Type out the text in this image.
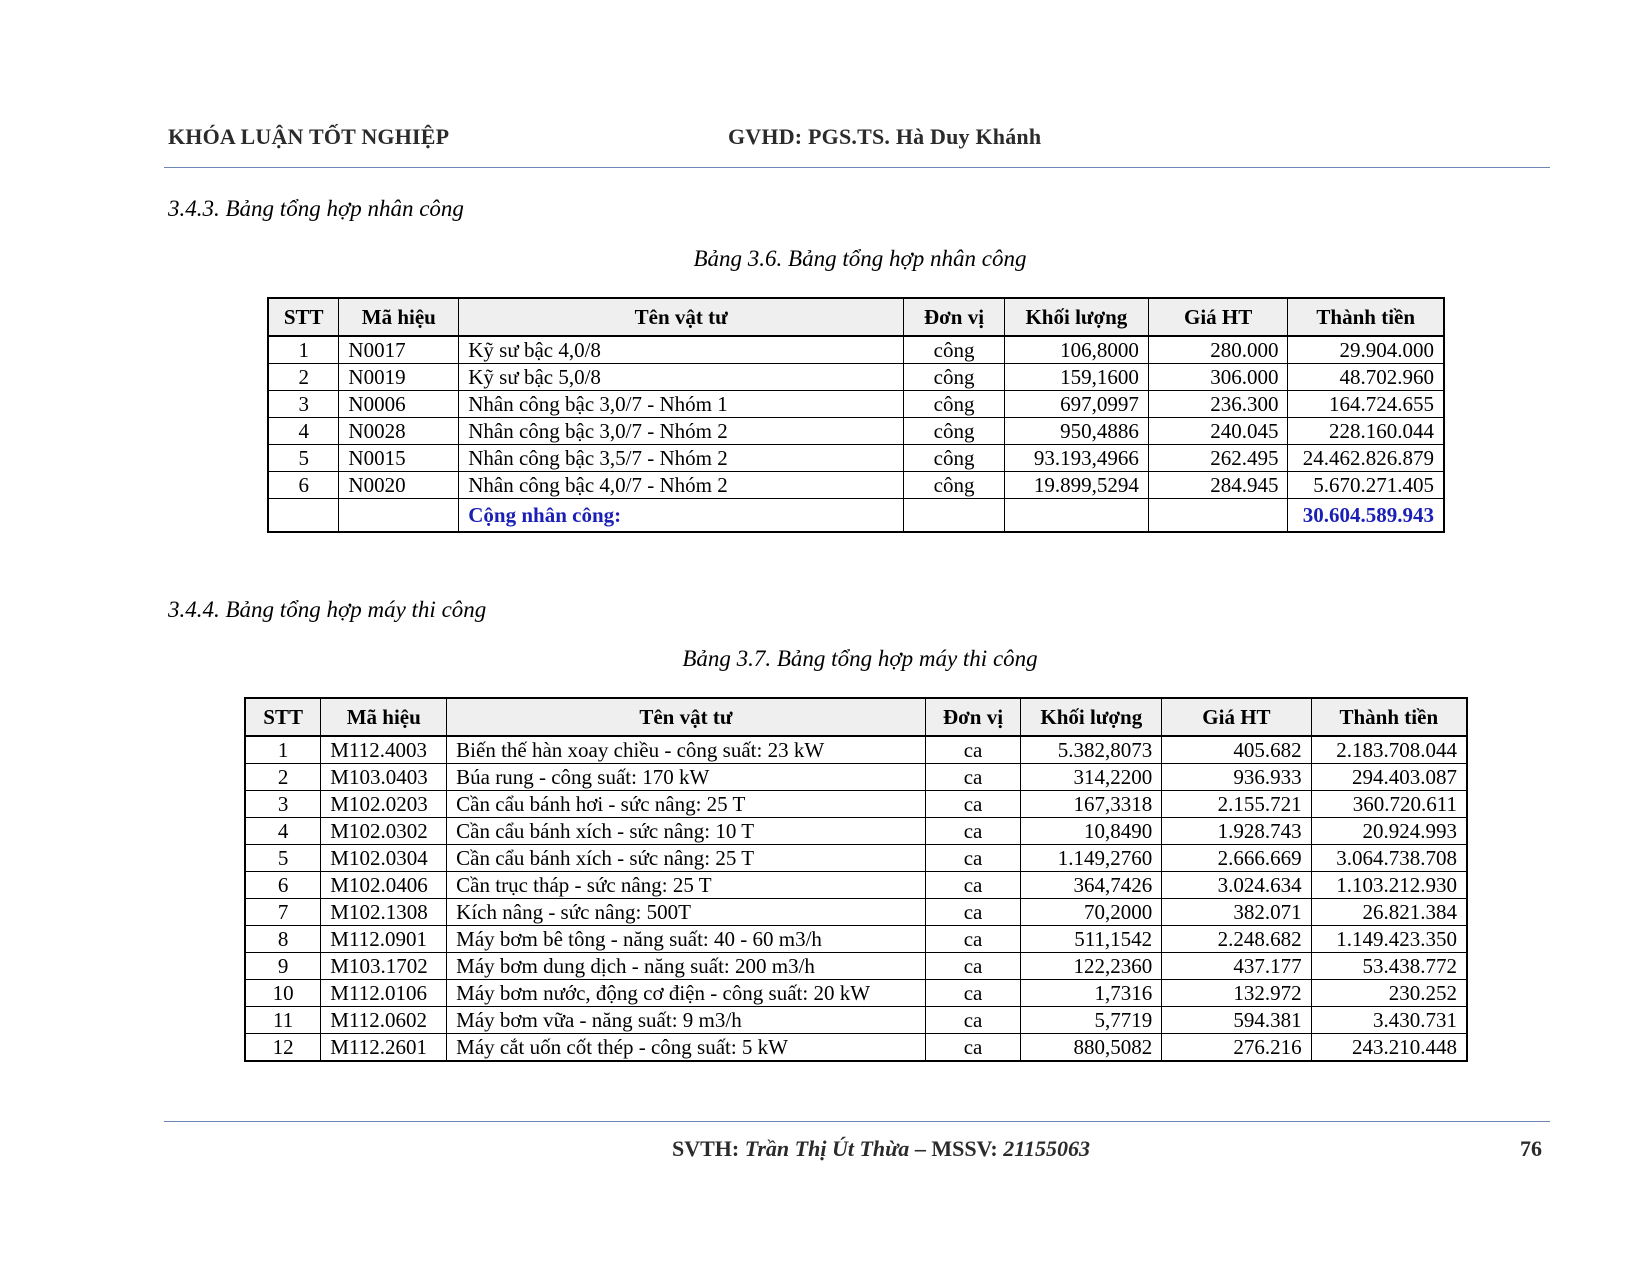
KHÓA LUẬN TỐT NGHIỆP	GVHD: PGS.TS. Hà Duy Khánh
3.4.3. Bảng tổng hợp nhân công
Bảng 3.6. Bảng tổng hợp nhân công
STT	Mã hiệu	Tên vật tư	Đơn vị	Khối lượng	Giá HT	Thành tiền
1	N0017	Kỹ sư bậc 4,0/8	công	106,8000	280.000	29.904.000
2	N0019	Kỹ sư bậc 5,0/8	công	159,1600	306.000	48.702.960
3	N0006	Nhân công bậc 3,0/7 - Nhóm 1	công	697,0997	236.300	164.724.655
4	N0028	Nhân công bậc 3,0/7 - Nhóm 2	công	950,4886	240.045	228.160.044
5	N0015	Nhân công bậc 3,5/7 - Nhóm 2	công	93.193,4966	262.495	24.462.826.879
6	N0020	Nhân công bậc 4,0/7 - Nhóm 2	công	19.899,5294	284.945	5.670.271.405
		Cộng nhân công:				30.604.589.943
3.4.4. Bảng tổng hợp máy thi công
Bảng 3.7. Bảng tổng hợp máy thi công
STT	Mã hiệu	Tên vật tư	Đơn vị	Khối lượng	Giá HT	Thành tiền
1	M112.4003	Biến thế hàn xoay chiều - công suất: 23 kW	ca	5.382,8073	405.682	2.183.708.044
2	M103.0403	Búa rung - công suất: 170 kW	ca	314,2200	936.933	294.403.087
3	M102.0203	Cần cẩu bánh hơi - sức nâng: 25 T	ca	167,3318	2.155.721	360.720.611
4	M102.0302	Cần cẩu bánh xích - sức nâng: 10 T	ca	10,8490	1.928.743	20.924.993
5	M102.0304	Cần cẩu bánh xích - sức nâng: 25 T	ca	1.149,2760	2.666.669	3.064.738.708
6	M102.0406	Cần trục tháp - sức nâng: 25 T	ca	364,7426	3.024.634	1.103.212.930
7	M102.1308	Kích nâng - sức nâng: 500T	ca	70,2000	382.071	26.821.384
8	M112.0901	Máy bơm bê tông - năng suất: 40 - 60 m3/h	ca	511,1542	2.248.682	1.149.423.350
9	M103.1702	Máy bơm dung dịch - năng suất: 200 m3/h	ca	122,2360	437.177	53.438.772
10	M112.0106	Máy bơm nước, động cơ điện - công suất: 20 kW	ca	1,7316	132.972	230.252
11	M112.0602	Máy bơm vữa - năng suất: 9 m3/h	ca	5,7719	594.381	3.430.731
12	M112.2601	Máy cắt uốn cốt thép - công suất: 5 kW	ca	880,5082	276.216	243.210.448
SVTH: Trần Thị Út Thừa – MSSV: 21155063	76
